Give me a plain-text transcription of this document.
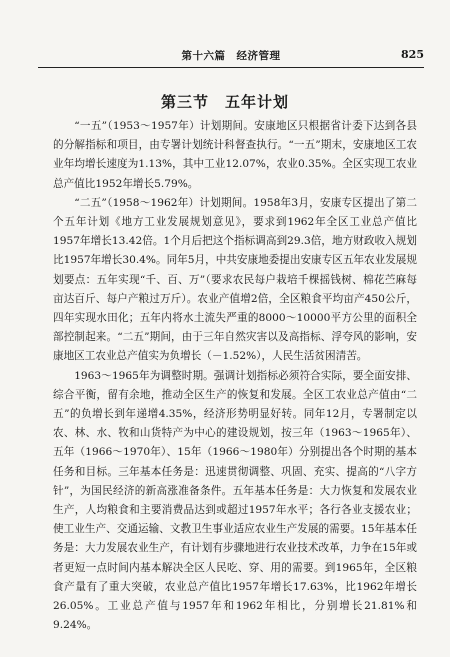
第十六篇　经济管理	825
第三节　五年计划

“一五”（1953～1957年）计划期间。安康地区只根据省计委下达到各县的分解指标和项目，由专署计划统计科督查执行。“一五”期末，安康地区工农业年均增长速度为1.13%，其中工业12.07%，农业0.35%。全区实现工农业总产值比1952年增长5.79%。

“二五”（1958～1962年）计划期间。1958年3月，安康专区提出了第二个五年计划《地方工业发展规划意见》，要求到1962年全区工业总产值比1957年增长13.42倍。1个月后把这个指标调高到29.3倍，地方财政收入规划比1957年增长30.4%。同年5月，中共安康地委提出安康专区五年农业发展规划要点：五年实现“千、百、万”（要求农民每户栽培千棵摇钱树、棉花苎麻每亩达百斤、每户产粮过万斤）。农业产值增2倍，全区粮食平均亩产450公斤，四年实现水田化；五年内将水土流失严重的8000～10000平方公里的面积全部控制起来。“二五”期间，由于三年自然灾害以及高指标、浮夸风的影响，安康地区工农业总产值实为负增长（－1.52%），人民生活贫困清苦。

1963～1965年为调整时期。强调计划指标必须符合实际，要全面安排、综合平衡，留有余地，推动全区生产的恢复和发展。全区工农业总产值由“二五”的负增长到年递增4.35%，经济形势明显好转。同年12月，专署制定以农、林、水、牧和山货特产为中心的建设规划，按三年（1963～1965年）、五年（1966～1970年）、15年（1966～1980年）分别提出各个时期的基本任务和目标。三年基本任务是：迅速贯彻调整、巩固、充实、提高的“八字方针”，为国民经济的新高涨准备条件。五年基本任务是：大力恢复和发展农业生产，人均粮食和主要消费品达到或超过1957年水平；各行各业支援农业；使工业生产、交通运输、文教卫生事业适应农业生产发展的需要。15年基本任务是：大力发展农业生产，有计划有步骤地进行农业技术改革，力争在15年或者更短一点时间内基本解决全区人民吃、穿、用的需要。到1965年，全区粮食产量有了重大突破，农业总产值比1957年增长17.63%，比1962年增长26.05%。工业总产值与1957年和1962年相比，分别增长21.81%和9.24%。
